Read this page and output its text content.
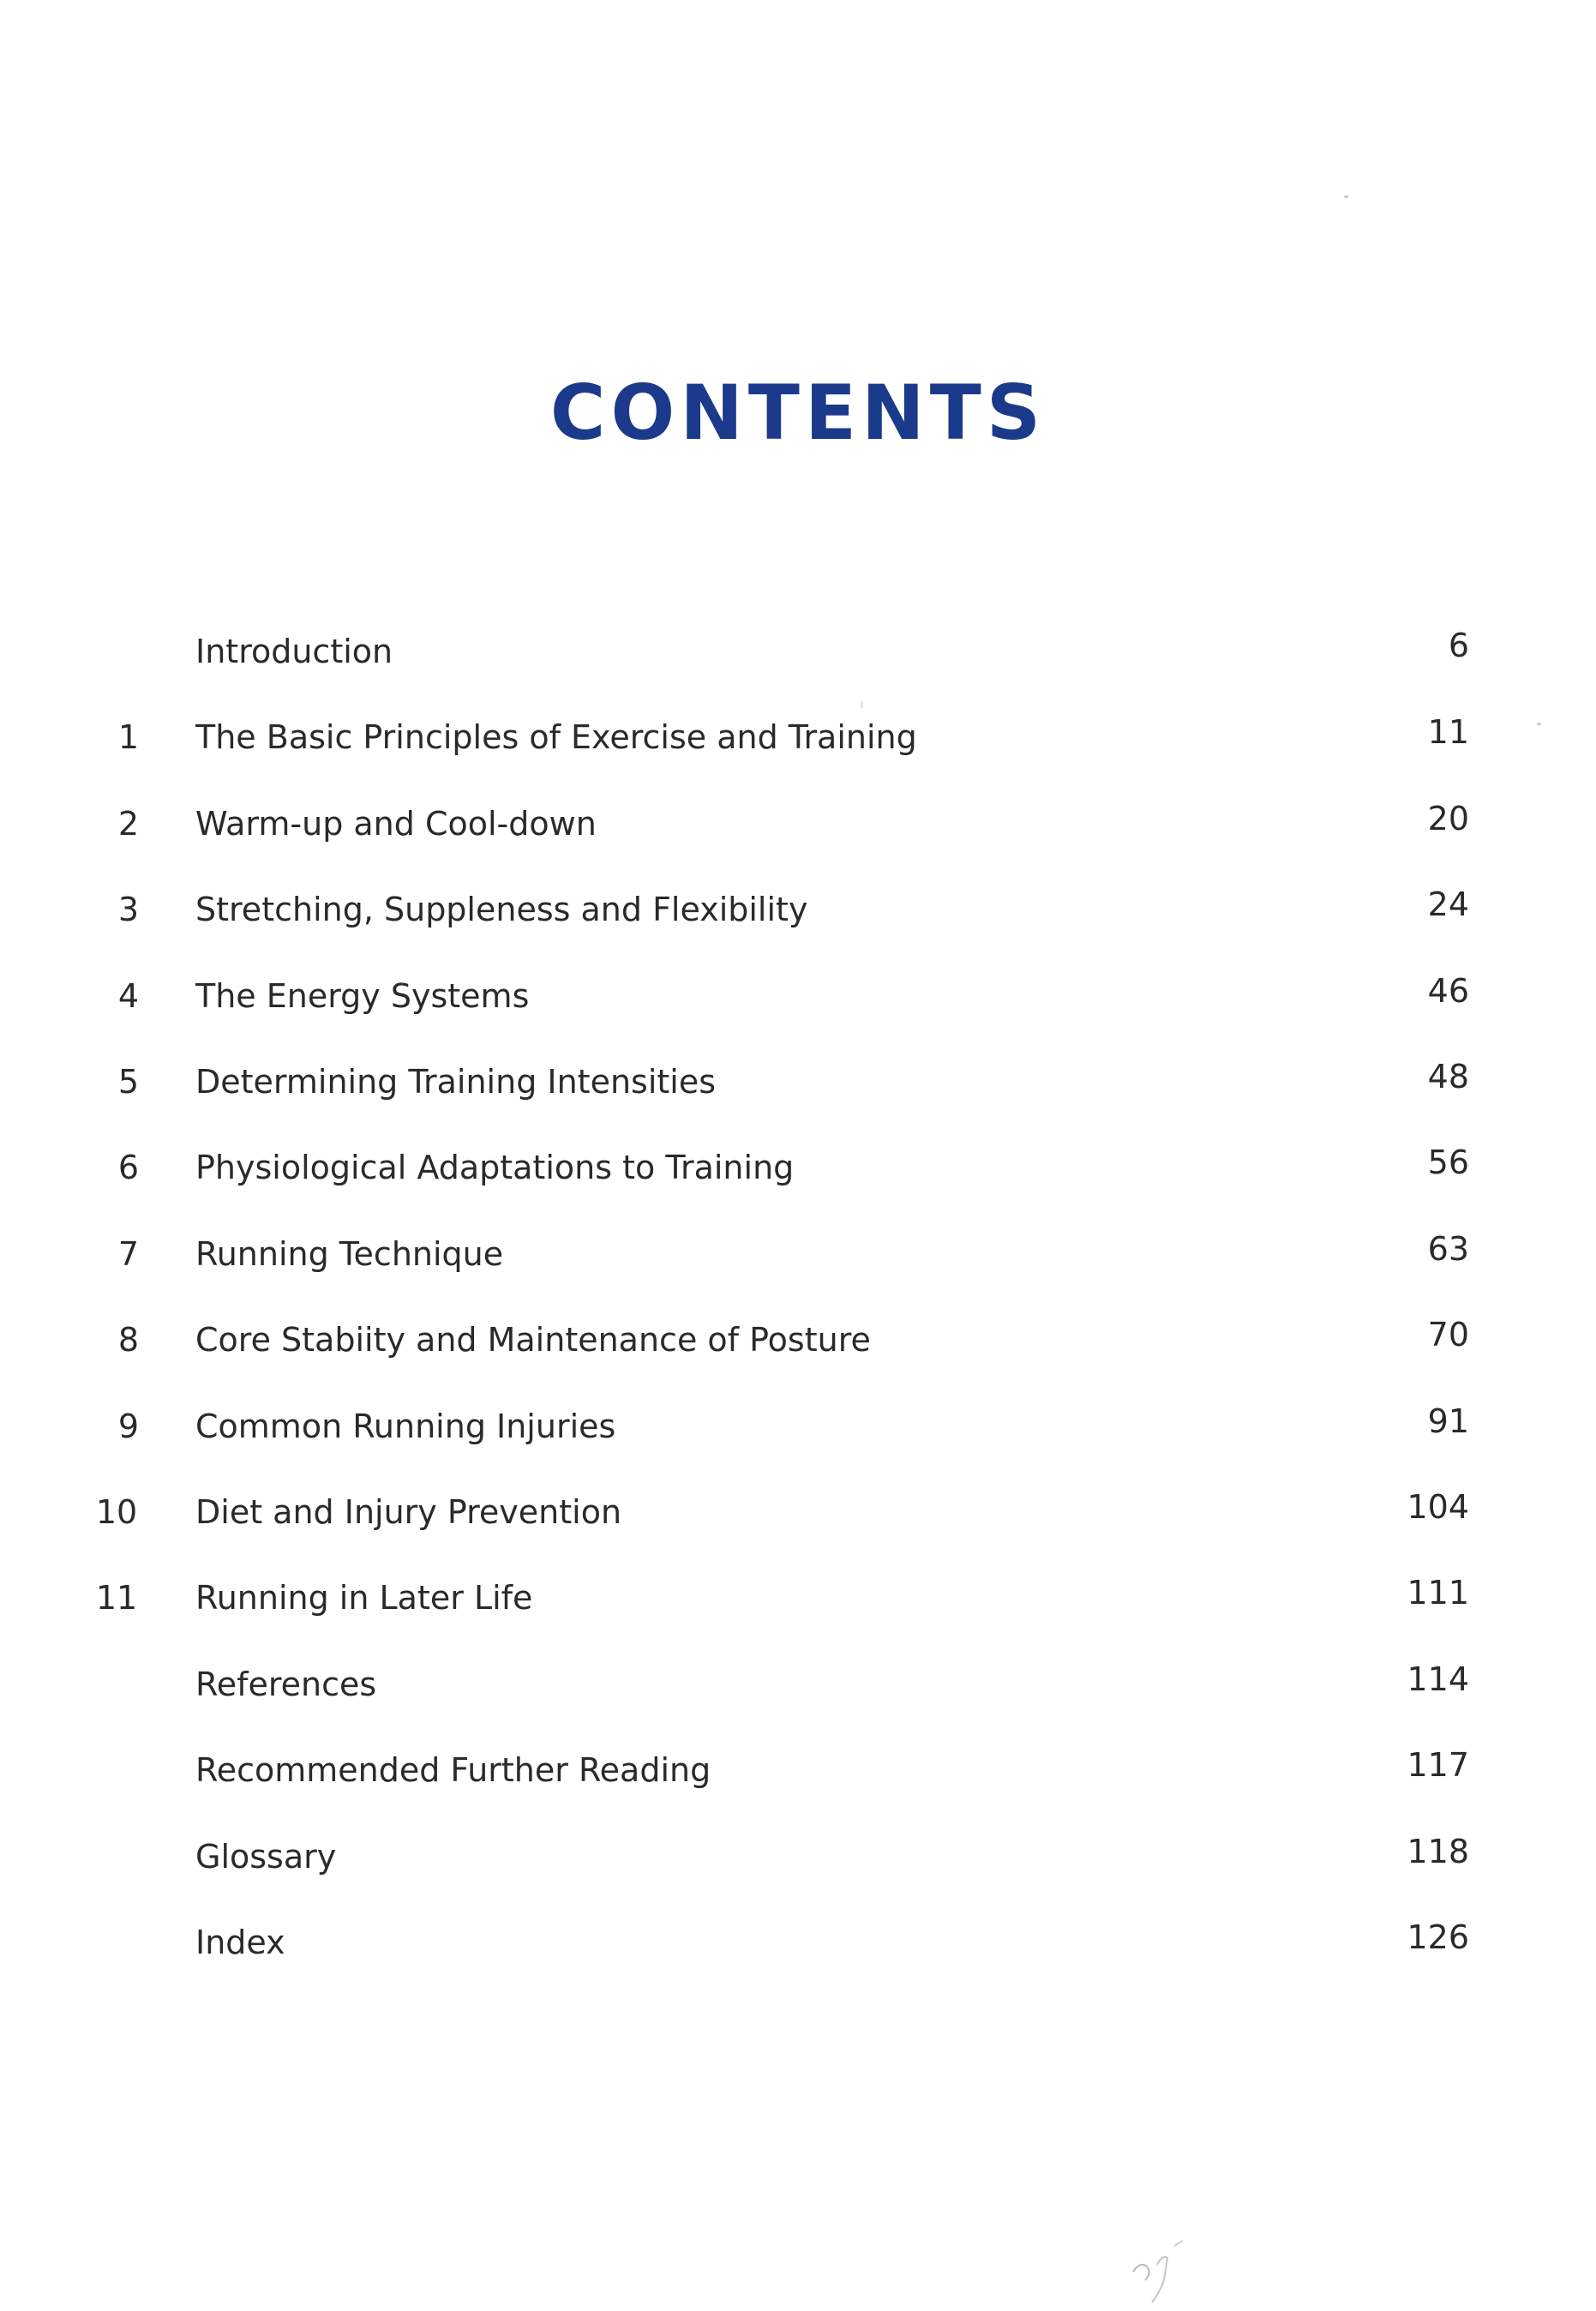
CONTENTS
Introduction	6
1	The Basic Principles of Exercise and Training	11
2	Warm-up and Cool-down	20
3	Stretching, Suppleness and Flexibility	24
4	The Energy Systems	46
5	Determining Training Intensities	48
6	Physiological Adaptations to Training	56
7	Running Technique	63
8	Core Stabiity and Maintenance of Posture	70
9	Common Running Injuries	91
10	Diet and Injury Prevention	104
11	Running in Later Life	111
References	114
Recommended Further Reading	117
Glossary	118
Index	126
